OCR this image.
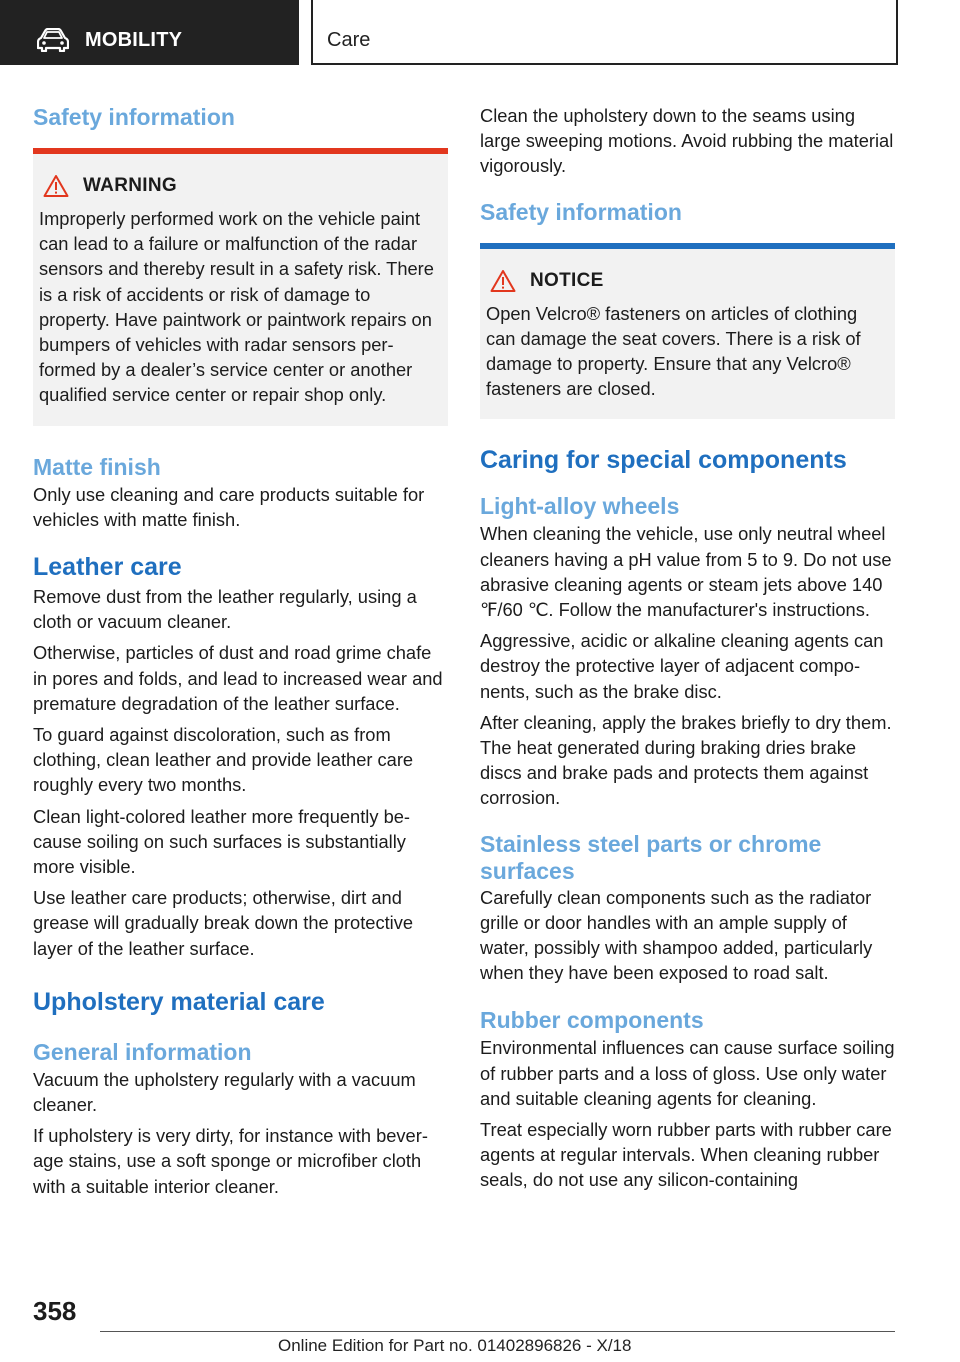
MOBILITY	Care
Safety information
WARNING

Improperly performed work on the vehicle paint can lead to a failure or malfunction of the radar sensors and thereby result in a safety risk. There is a risk of accidents or risk of damage to property. Have paintwork or paintwork repairs on bumpers of vehicles with radar sensors performed by a dealer’s service center or another qualified service center or repair shop only.

Matte finish

Only use cleaning and care products suitable for vehicles with matte finish.

Leather care

Remove dust from the leather regularly, using a cloth or vacuum cleaner.

Otherwise, particles of dust and road grime chafe in pores and folds, and lead to increased wear and premature degradation of the leather surface.

To guard against discoloration, such as from clothing, clean leather and provide leather care roughly every two months.

Clean light-colored leather more frequently because soiling on such surfaces is substantially more visible.

Use leather care products; otherwise, dirt and grease will gradually break down the protective layer of the leather surface.

Upholstery material care
General information

Vacuum the upholstery regularly with a vacuum cleaner.

If upholstery is very dirty, for instance with beverage stains, use a soft sponge or microfiber cloth with a suitable interior cleaner.

Clean the upholstery down to the seams using large sweeping motions. Avoid rubbing the material vigorously.

Safety information
NOTICE

Open Velcro® fasteners on articles of clothing can damage the seat covers. There is a risk of damage to property. Ensure that any Velcro® fasteners are closed.

Caring for special components
Light-alloy wheels

When cleaning the vehicle, use only neutral wheel cleaners having a pH value from 5 to 9. Do not use abrasive cleaning agents or steam jets above 140 ℉/60 ℃. Follow the manufacturer's instructions.

Aggressive, acidic or alkaline cleaning agents can destroy the protective layer of adjacent components, such as the brake disc.

After cleaning, apply the brakes briefly to dry them. The heat generated during braking dries brake discs and brake pads and protects them against corrosion.

Stainless steel parts or chrome surfaces

Carefully clean components such as the radiator grille or door handles with an ample supply of water, possibly with shampoo added, particularly when they have been exposed to road salt.

Rubber components

Environmental influences can cause surface soiling of rubber parts and a loss of gloss. Use only water and suitable cleaning agents for cleaning.

Treat especially worn rubber parts with rubber care agents at regular intervals. When cleaning rubber seals, do not use any silicon-containing

358
Online Edition for Part no. 01402896826 - X/18
